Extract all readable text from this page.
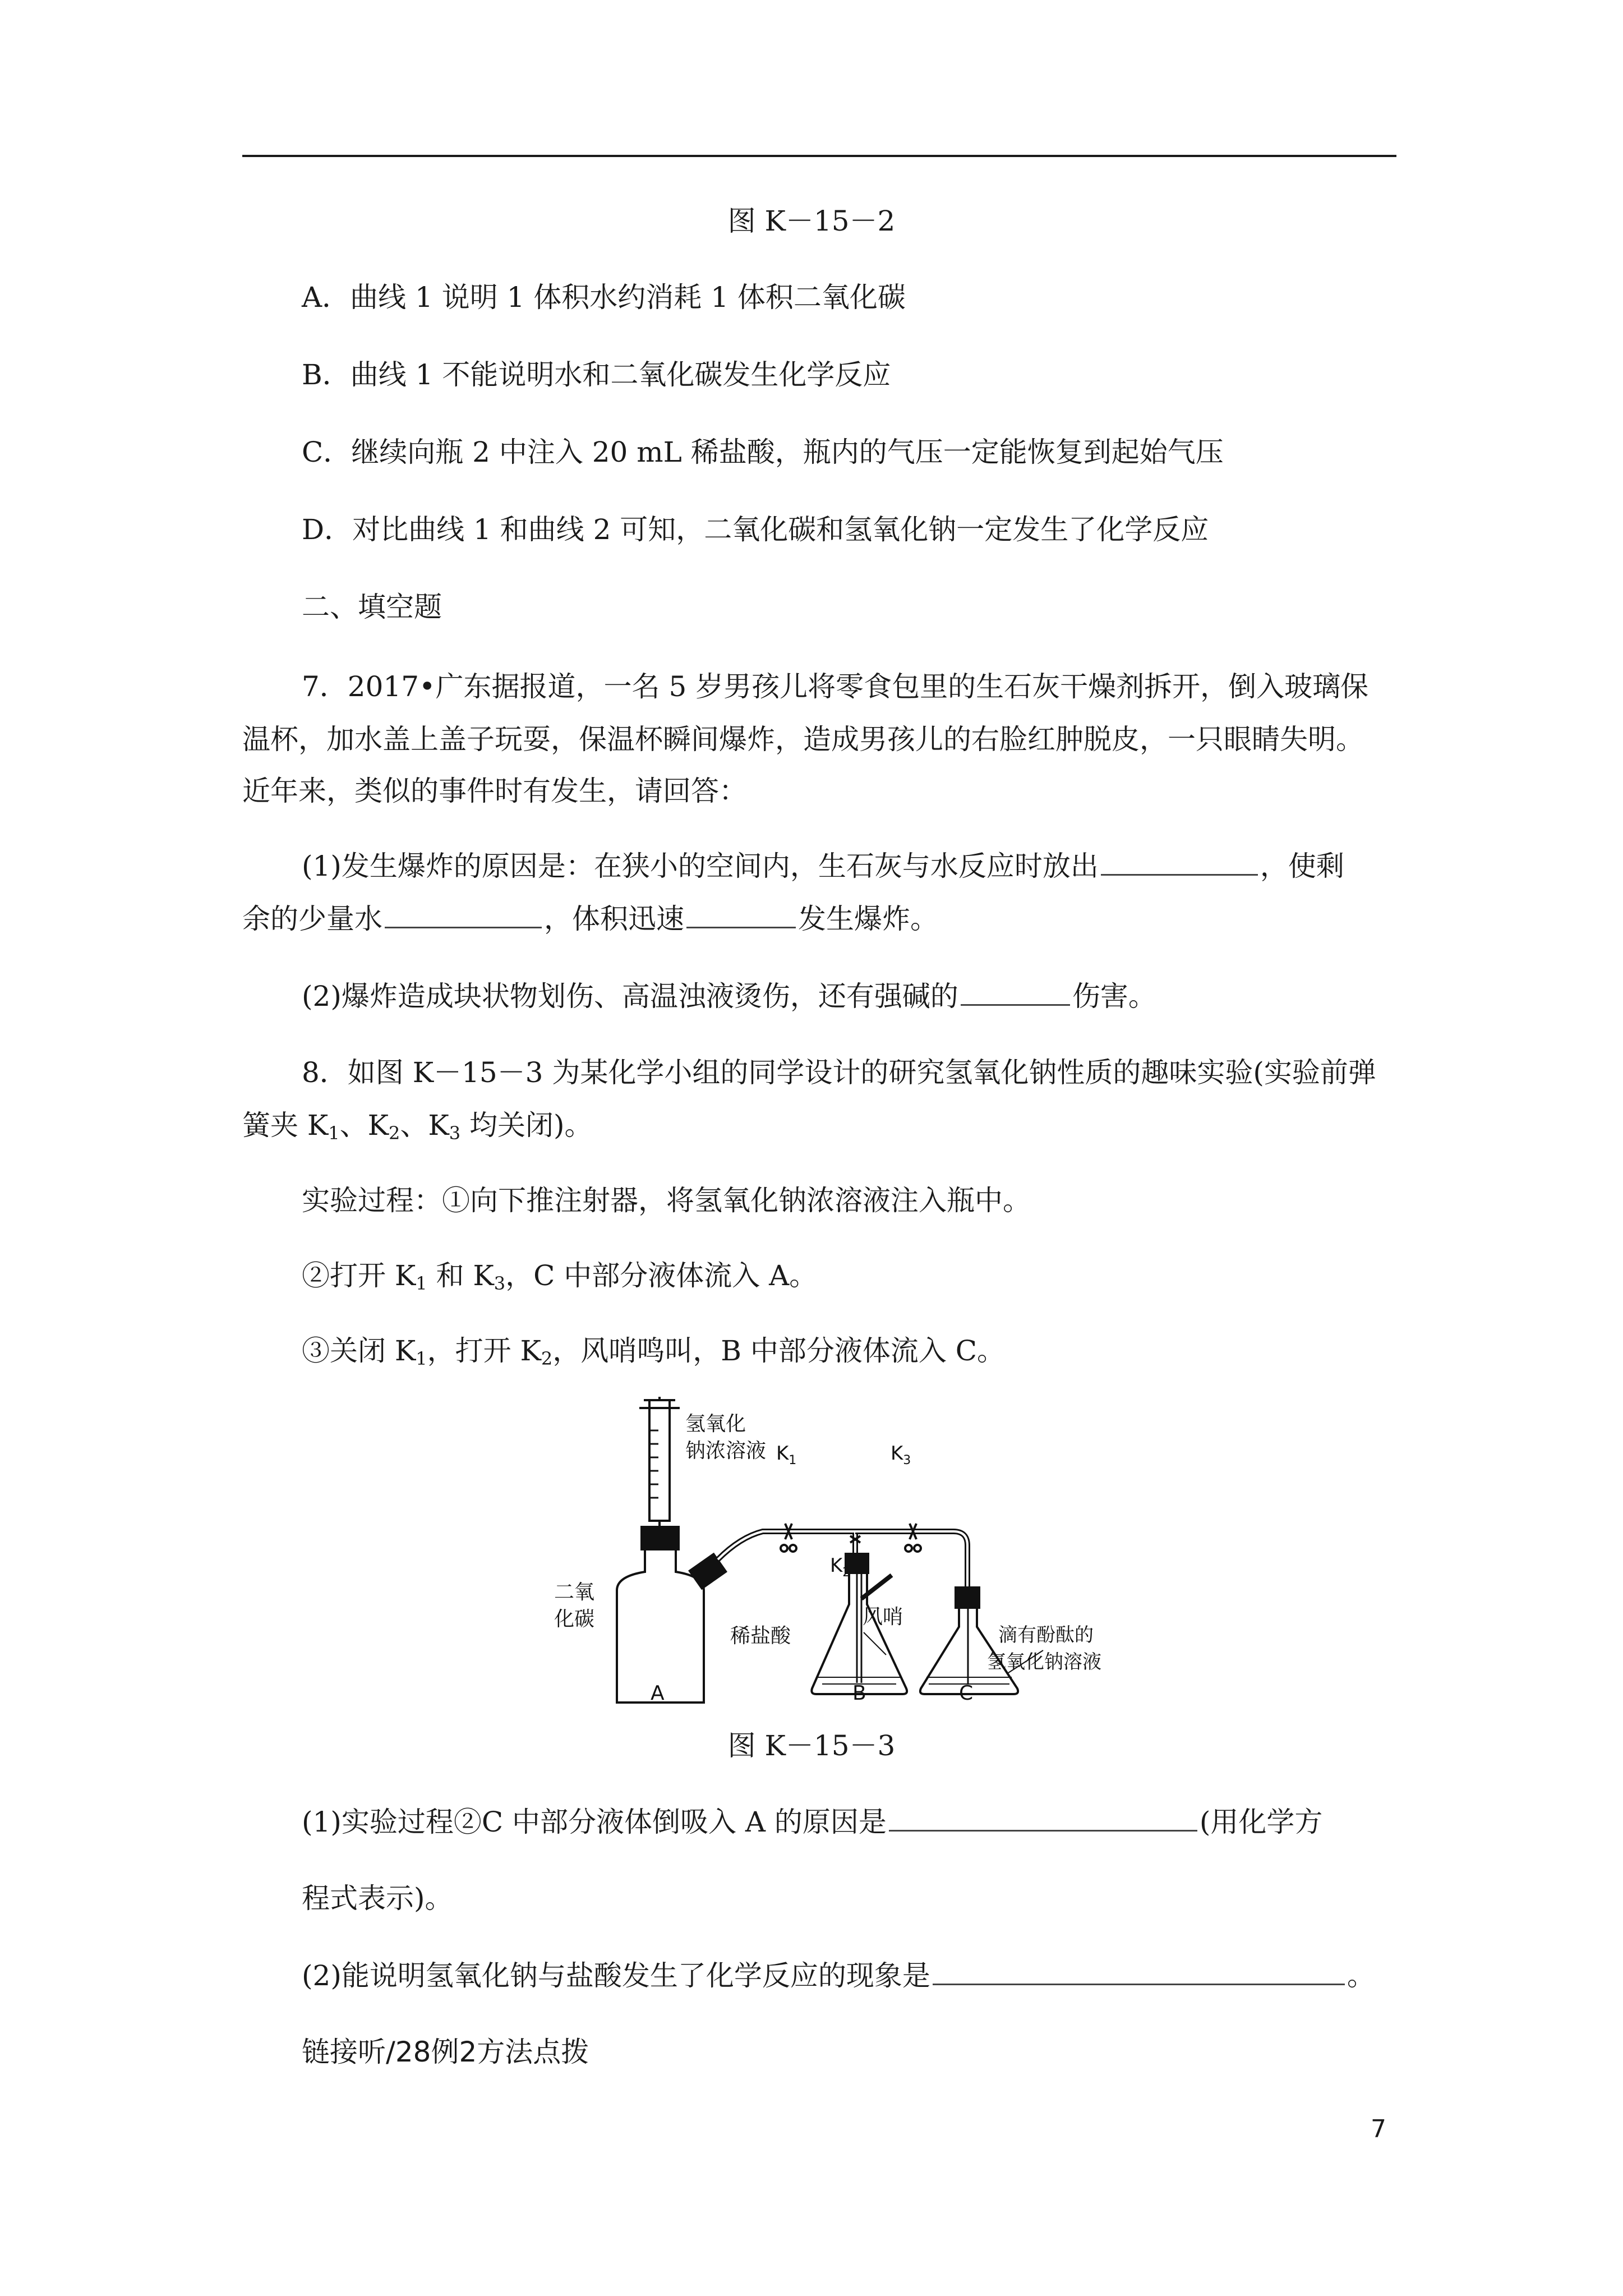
图 K－15－2
A．曲线 1 说明 1 体积水约消耗 1 体积二氧化碳
B．曲线 1 不能说明水和二氧化碳发生化学反应
C．继续向瓶 2 中注入 20 mL 稀盐酸，瓶内的气压一定能恢复到起始气压
D．对比曲线 1 和曲线 2 可知，二氧化碳和氢氧化钠一定发生了化学反应
二、填空题
7．2017•广东据报道，一名 5 岁男孩儿将零食包里的生石灰干燥剂拆开，倒入玻璃保
温杯，加水盖上盖子玩耍，保温杯瞬间爆炸，造成男孩儿的右脸红肿脱皮，一只眼睛失明。
近年来，类似的事件时有发生，请回答：
(1)发生爆炸的原因是：在狭小的空间内，生石灰与水反应时放出	，使剩
余的少量水	，体积迅速	发生爆炸。
(2)爆炸造成块状物划伤、高温浊液烫伤，还有强碱的	伤害。
8．如图 K－15－3 为某化学小组的同学设计的研究氢氧化钠性质的趣味实验(实验前弹
簧夹 $K_1$、$K_2$、$K_3$ 均关闭)。
实验过程：①向下推注射器，将氢氧化钠浓溶液注入瓶中。
②打开 $K_1$ 和 $K_3$，C 中部分液体流入 A。
③关闭 $K_1$，打开 $K_2$，风哨鸣叫，B 中部分液体流入 C。
氢氧化
钠浓溶液
二氧
化碳
$K_1$	$K_3$
$K_2$
稀盐酸
风哨
滴有酚酞的
氢氧化钠溶液
A	B	C
图 K－15－3
(1)实验过程②C 中部分液体倒吸入 A 的原因是	(用化学方
程式表示)。
(2)能说明氢氧化钠与盐酸发生了化学反应的现象是	。
链接听/28例2方法点拨
7
